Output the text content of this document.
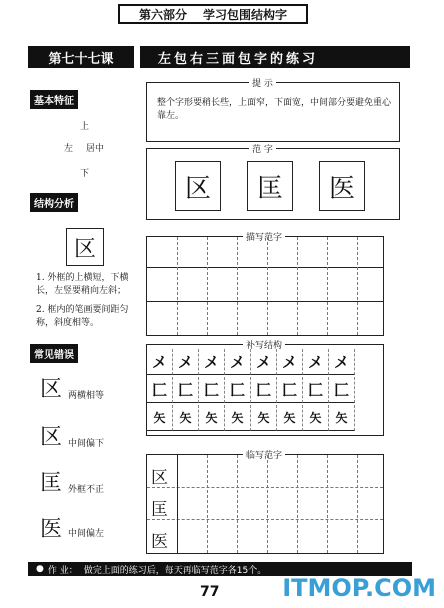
第六部分 学习包围结构字
第七十七课	左包右三面包字的练习
基本特征
上
左 居中
下
提 示
整个字形要稍长些，上面窄，下面宽，中间部分要避免重心靠左。
范 字
区	匡	医
结构分析
区
1. 外框的上横短，下横长，左竖要稍向左斜；
2. 框内的笔画要间距匀称，斜度相等。
描写范字
常见错误
区 两横相等
区 中间偏下
匡 外框不正
医 中间偏左
补写结构
メ メ メ メ メ メ メ メ
匚 匚 匚 匚 匚 匚 匚 匚
矢	矢	矢	矢	矢	矢	矢	矢
临写范字
区
匡
医
● 作 业： 做完上面的练习后，每天再临写范字各15个。
77	ITMOP.COM
